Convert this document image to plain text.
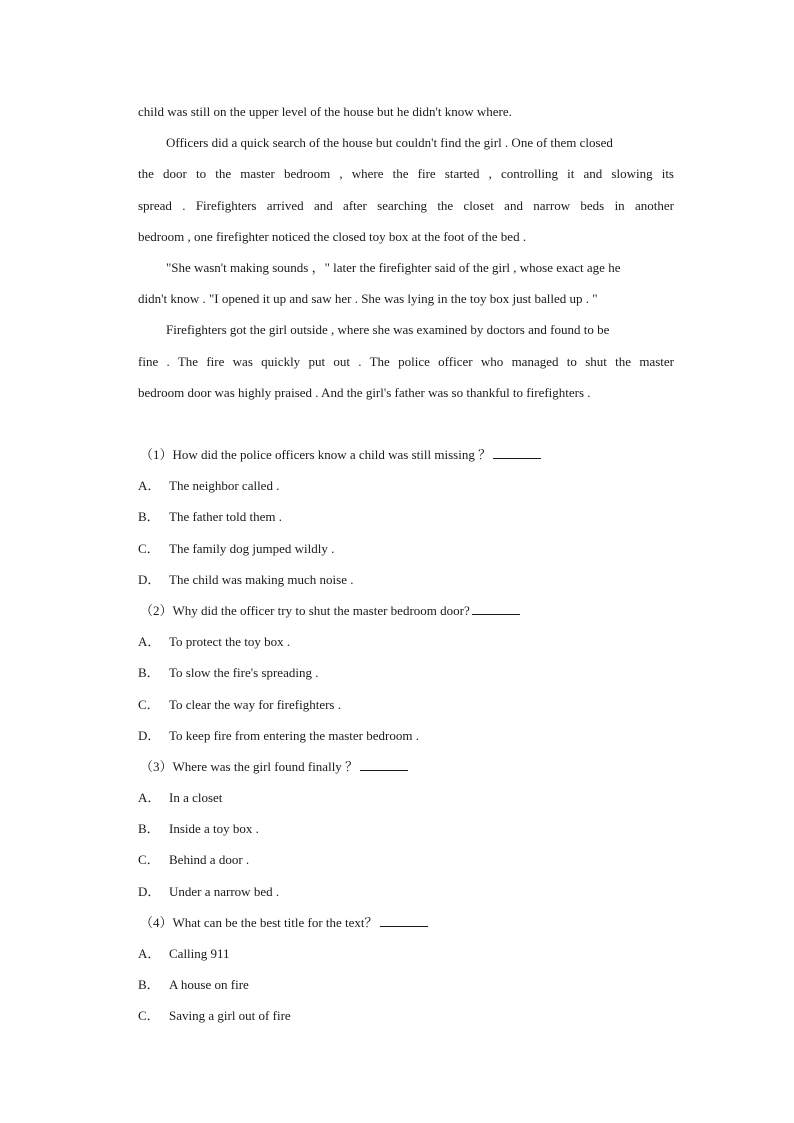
child was still on the upper level of the house but he didn't know where.
Officers did a quick search of the house but couldn't find the girl . One of them closed
the door to the master bedroom , where the fire started , controlling it and slowing its
spread . Firefighters arrived and after searching the closet and narrow beds in another
bedroom , one firefighter noticed the closed toy box at the foot of the bed .
"She wasn't making sounds ，" later the firefighter said of the girl , whose exact age he
didn't know . "I opened it up and saw her . She was lying in the toy box just balled up . "
Firefighters got the girl outside , where she was examined by doctors and found to be
fine . The fire was quickly put out . The police officer who managed to shut the master
bedroom door was highly praised . And the girl's father was so thankful to firefighters .
（1）How did the police officers know a child was still missing ？
A． The neighbor called .
B． The father told them .
C． The family dog jumped wildly .
D． The child was making much noise .
（2）Why did the officer try to shut the master bedroom door?
A． To protect the toy box .
B． To slow the fire's spreading .
C． To clear the way for firefighters .
D． To keep fire from entering the master bedroom .
（3）Where was the girl found finally ？
A． In a closet
B． Inside a toy box .
C． Behind a door .
D． Under a narrow bed .
（4）What can be the best title for the text？
A． Calling 911
B． A house on fire
C． Saving a girl out of fire
